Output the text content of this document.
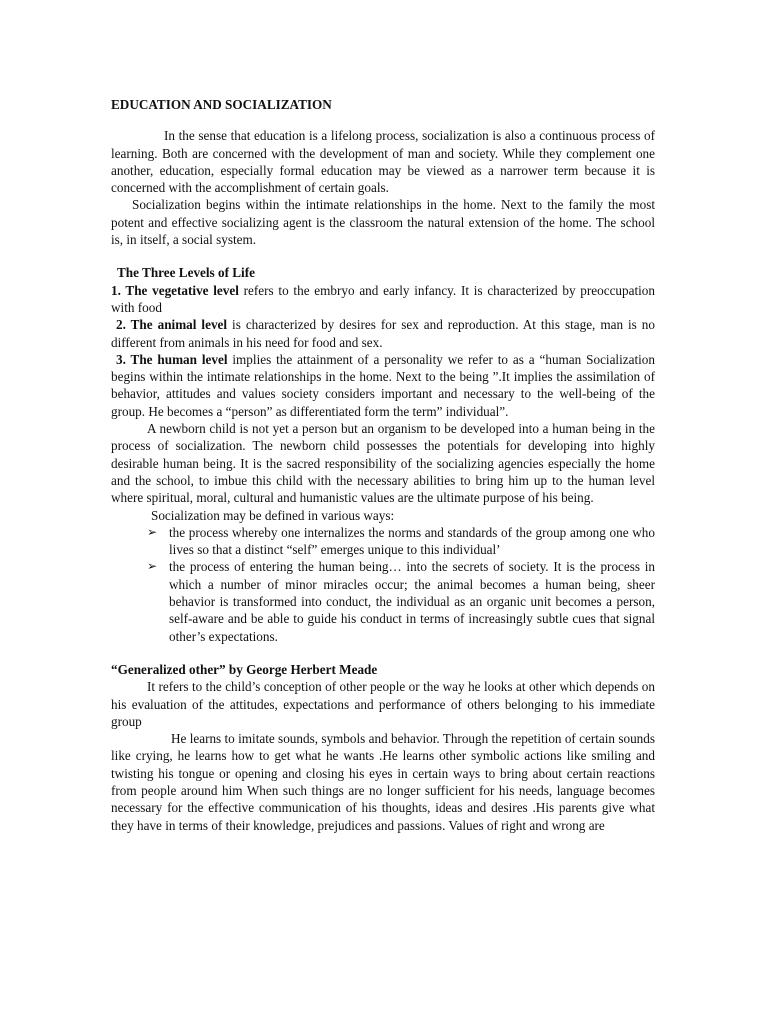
EDUCATION AND SOCIALIZATION

In the sense that education is a lifelong process, socialization is also a continuous process of learning. Both are concerned with the development of man and society. While they complement one another, education, especially formal education may be viewed as a narrower term because it is concerned with the accomplishment of certain goals.

Socialization begins within the intimate relationships in the home. Next to the family the most potent and effective socializing agent is the classroom the natural extension of the home. The school is, in itself, a social system.

The Three Levels of Life

1. The vegetative level refers to the embryo and early infancy. It is characterized by preoccupation with food

2. The animal level is characterized by desires for sex and reproduction. At this stage, man is no different from animals in his need for food and sex.

3. The human level implies the attainment of a personality we refer to as a “human Socialization begins within the intimate relationships in the home. Next to the being ”.It implies the assimilation of behavior, attitudes and values society considers important and necessary to the well-being of the group. He becomes a “person” as differentiated form the term” individual”.

A newborn child is not yet a person but an organism to be developed into a human being in the process of socialization. The newborn child possesses the potentials for developing into highly desirable human being. It is the sacred responsibility of the socializing agencies especially the home and the school, to imbue this child with the necessary abilities to bring him up to the human level where spiritual, moral, cultural and humanistic values are the ultimate purpose of his being.

Socialization may be defined in various ways:

➢ the process whereby one internalizes the norms and standards of the group among one who lives so that a distinct “self” emerges unique to this individual’
➢ the process of entering the human being… into the secrets of society. It is the process in which a number of minor miracles occur; the animal becomes a human being, sheer behavior is transformed into conduct, the individual as an organic unit becomes a person, self-aware and be able to guide his conduct in terms of increasingly subtle cues that signal other’s expectations.
“Generalized other” by George Herbert Meade

It refers to the child’s conception of other people or the way he looks at other which depends on his evaluation of the attitudes, expectations and performance of others belonging to his immediate group

He learns to imitate sounds, symbols and behavior. Through the repetition of certain sounds like crying, he learns how to get what he wants .He learns other symbolic actions like smiling and twisting his tongue or opening and closing his eyes in certain ways to bring about certain reactions from people around him When such things are no longer sufficient for his needs, language becomes necessary for the effective communication of his thoughts, ideas and desires .His parents give what they have in terms of their knowledge, prejudices and passions. Values of right and wrong are
